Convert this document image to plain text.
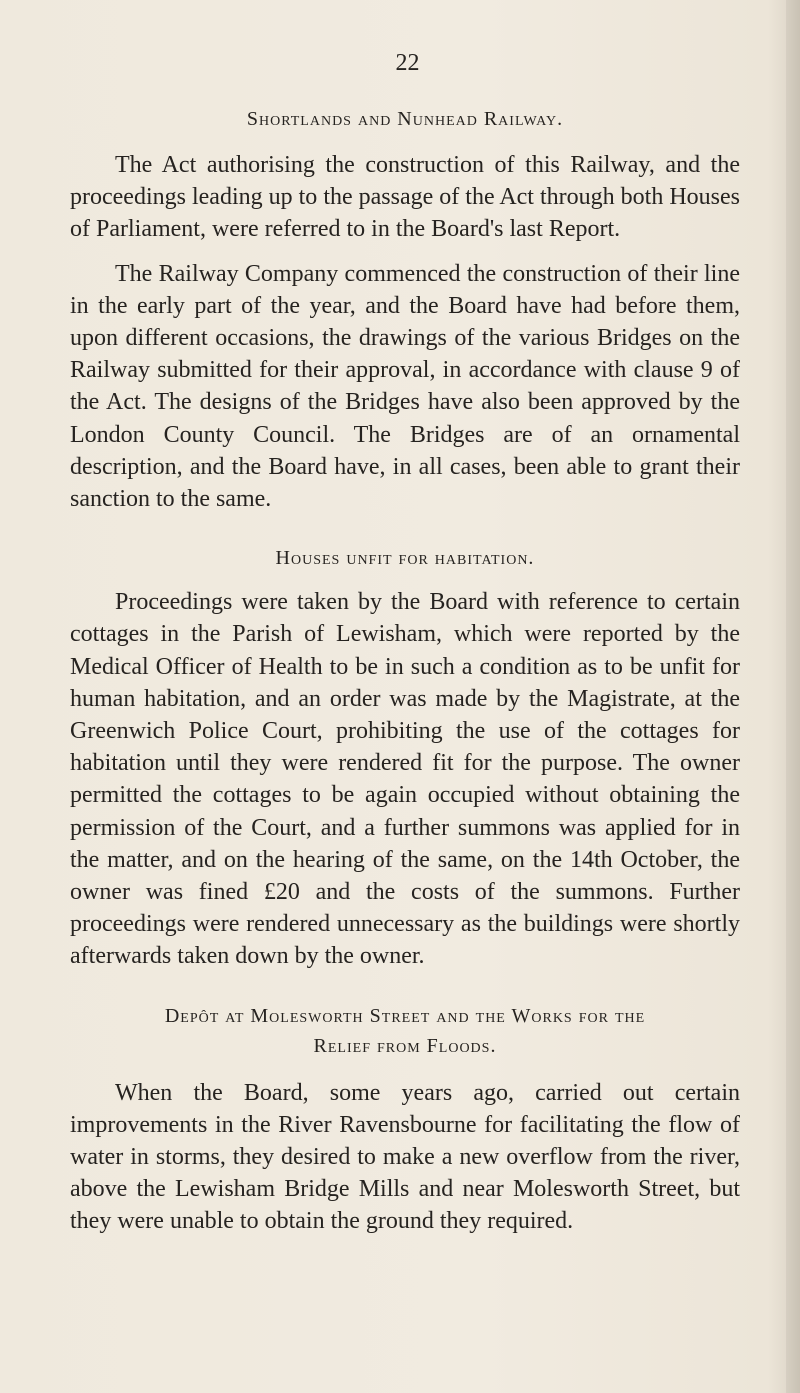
22
Shortlands and Nunhead Railway.

The Act authorising the construction of this Railway, and the proceedings leading up to the passage of the Act through both Houses of Parliament, were referred to in the Board's last Report.

The Railway Company commenced the construction of their line in the early part of the year, and the Board have had before them, upon different occasions, the drawings of the various Bridges on the Railway submitted for their approval, in accordance with clause 9 of the Act. The designs of the Bridges have also been approved by the London County Council. The Bridges are of an ornamental description, and the Board have, in all cases, been able to grant their sanction to the same.

Houses unfit for habitation.

Proceedings were taken by the Board with reference to certain cottages in the Parish of Lewisham, which were reported by the Medical Officer of Health to be in such a condition as to be unfit for human habitation, and an order was made by the Magistrate, at the Greenwich Police Court, prohibiting the use of the cottages for habitation until they were rendered fit for the purpose. The owner permitted the cottages to be again occupied without obtaining the permission of the Court, and a further summons was applied for in the matter, and on the hearing of the same, on the 14th October, the owner was fined £20 and the costs of the summons. Further proceedings were rendered unnecessary as the buildings were shortly afterwards taken down by the owner.

Depôt at Molesworth Street and the Works for the
Relief from Floods.

When the Board, some years ago, carried out certain improvements in the River Ravensbourne for facilitating the flow of water in storms, they desired to make a new overflow from the river, above the Lewisham Bridge Mills and near Molesworth Street, but they were unable to obtain the ground they required.
